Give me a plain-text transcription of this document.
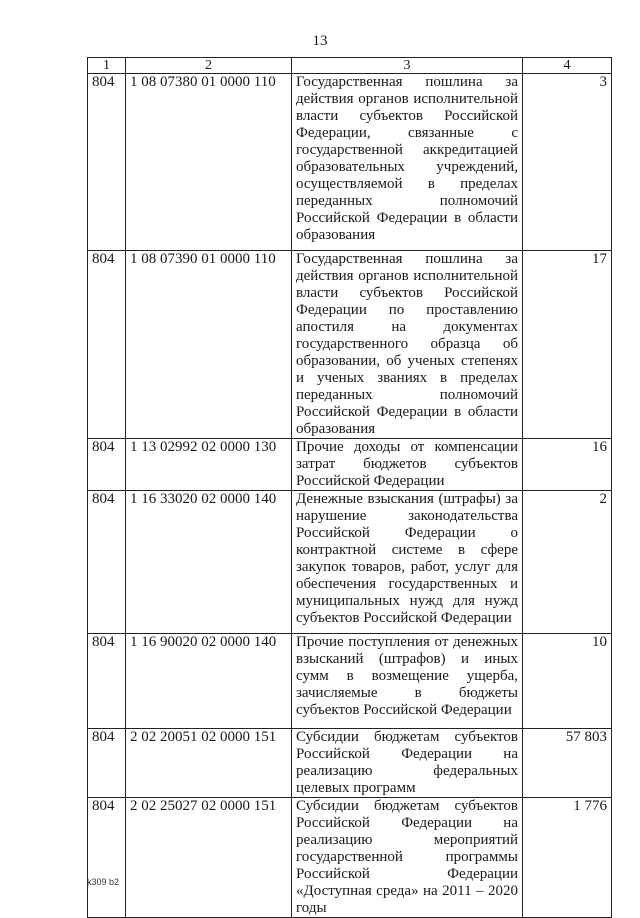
13
1	2	3	4
804	1 08 07380 01 0000 110	Государственная пошлина за действия органов исполнительной власти субъектов Российской Федерации, связанные с государственной аккредитацией образовательных учреждений, осуществляемой в пределах переданных полномочий Российской Федерации в области образования	3
804	1 08 07390 01 0000 110	Государственная пошлина за действия органов исполнительной власти субъектов Российской Федерации по проставлению апостиля на документах государственного образца об образовании, об ученых степенях и ученых званиях в пределах переданных полномочий Российской Федерации в области образования	17
804	1 13 02992 02 0000 130	Прочие доходы от компенсации затрат бюджетов субъектов Российской Федерации	16
804	1 16 33020 02 0000 140	Денежные взыскания (штрафы) за нарушение законодательства Российской Федерации о контрактной системе в сфере закупок товаров, работ, услуг для обеспечения государственных и муниципальных нужд для нужд субъектов Российской Федерации	2
804	1 16 90020 02 0000 140	Прочие поступления от денежных взысканий (штрафов) и иных сумм в возмещение ущерба, зачисляемые в бюджеты субъектов Российской Федерации	10
804	2 02 20051 02 0000 151	Субсидии бюджетам субъектов Российской Федерации на реализацию федеральных целевых программ	57 803
804	2 02 25027 02 0000 151	Субсидии бюджетам субъектов Российской Федерации на реализацию мероприятий государственной программы Российской Федерации «Доступная среда» на 2011 – 2020 годы	1 776
k309 b2
